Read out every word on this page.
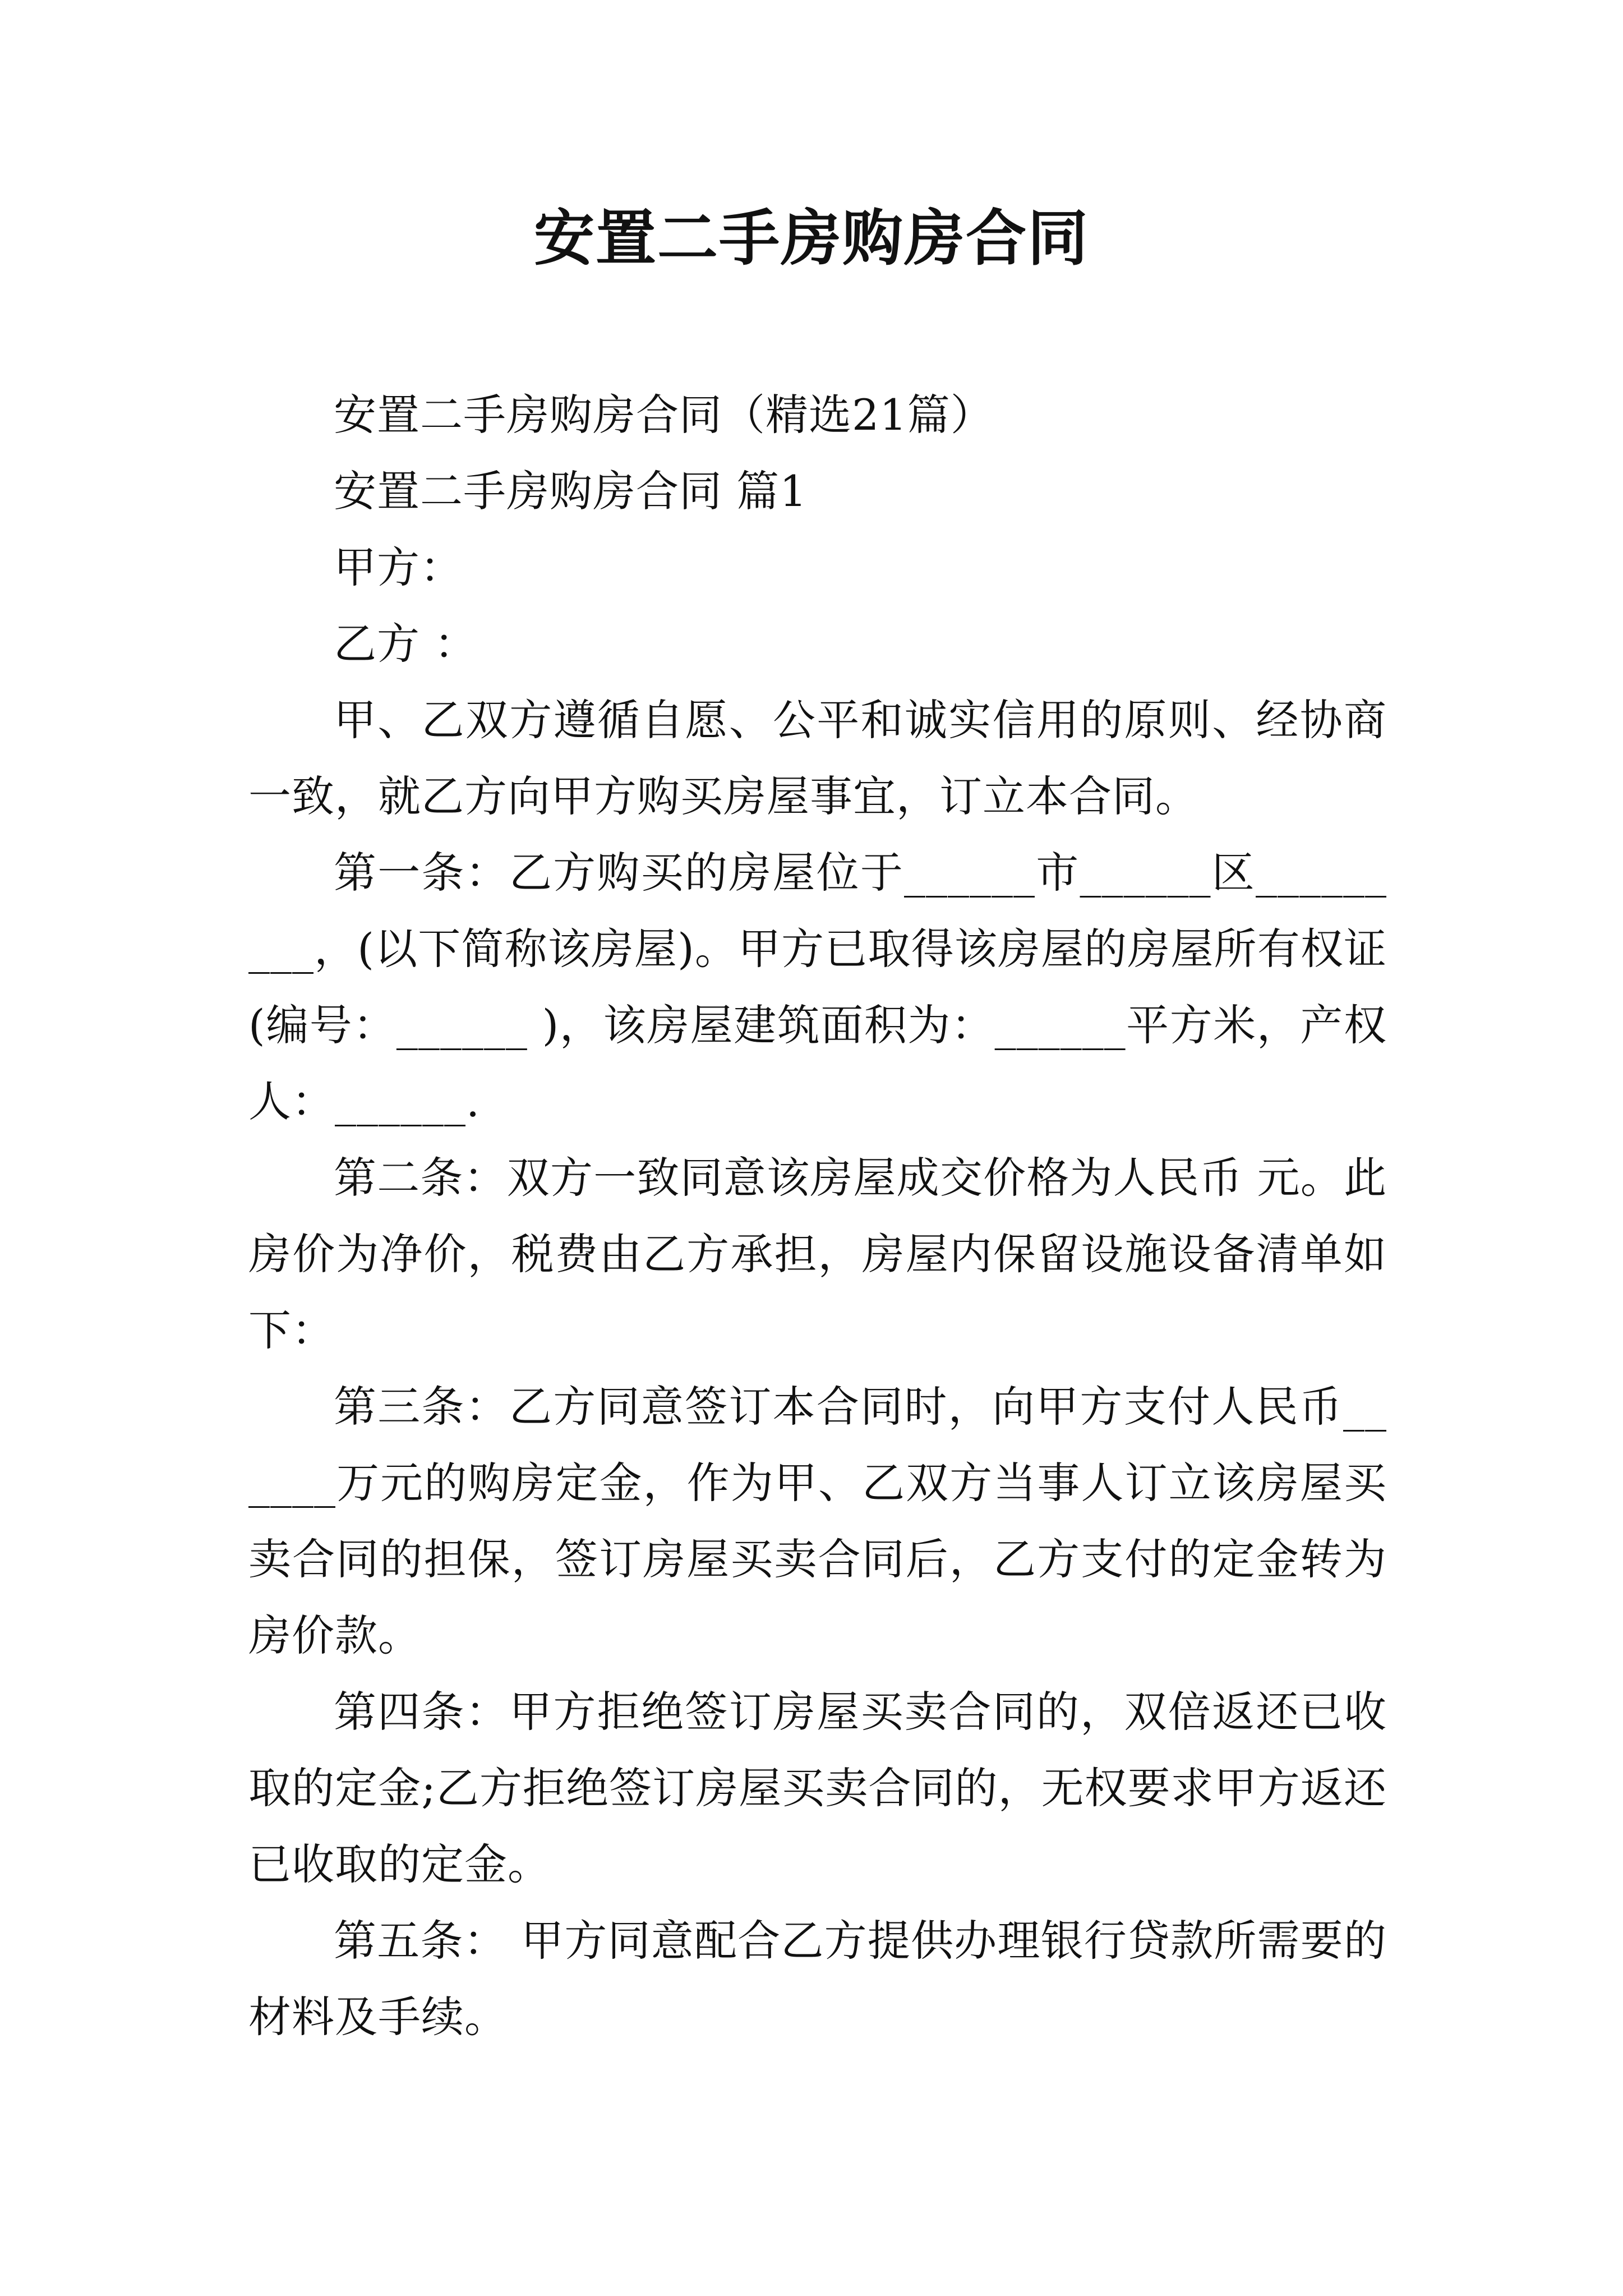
安置二手房购房合同

安置二手房购房合同（精选21篇）

安置二手房购房合同 篇1

甲方：

乙方 ：

甲、乙双方遵循自愿、公平和诚实信用的原则、经协商一致，就乙方向甲方购买房屋事宜，订立本合同。

第一条：乙方购买的房屋位于______市______区_________，(以下简称该房屋)。甲方已取得该房屋的房屋所有权证(编号：______ )，该房屋建筑面积为：______平方米，产权人：______.

第二条：双方一致同意该房屋成交价格为人民币 元。此房价为净价，税费由乙方承担，房屋内保留设施设备清单如下：

第三条：乙方同意签订本合同时，向甲方支付人民币______万元的购房定金，作为甲、乙双方当事人订立该房屋买卖合同的担保，签订房屋买卖合同后，乙方支付的定金转为房价款。

第四条：甲方拒绝签订房屋买卖合同的，双倍返还已收取的定金;乙方拒绝签订房屋买卖合同的，无权要求甲方返还已收取的定金。

第五条： 甲方同意配合乙方提供办理银行贷款所需要的材料及手续。
